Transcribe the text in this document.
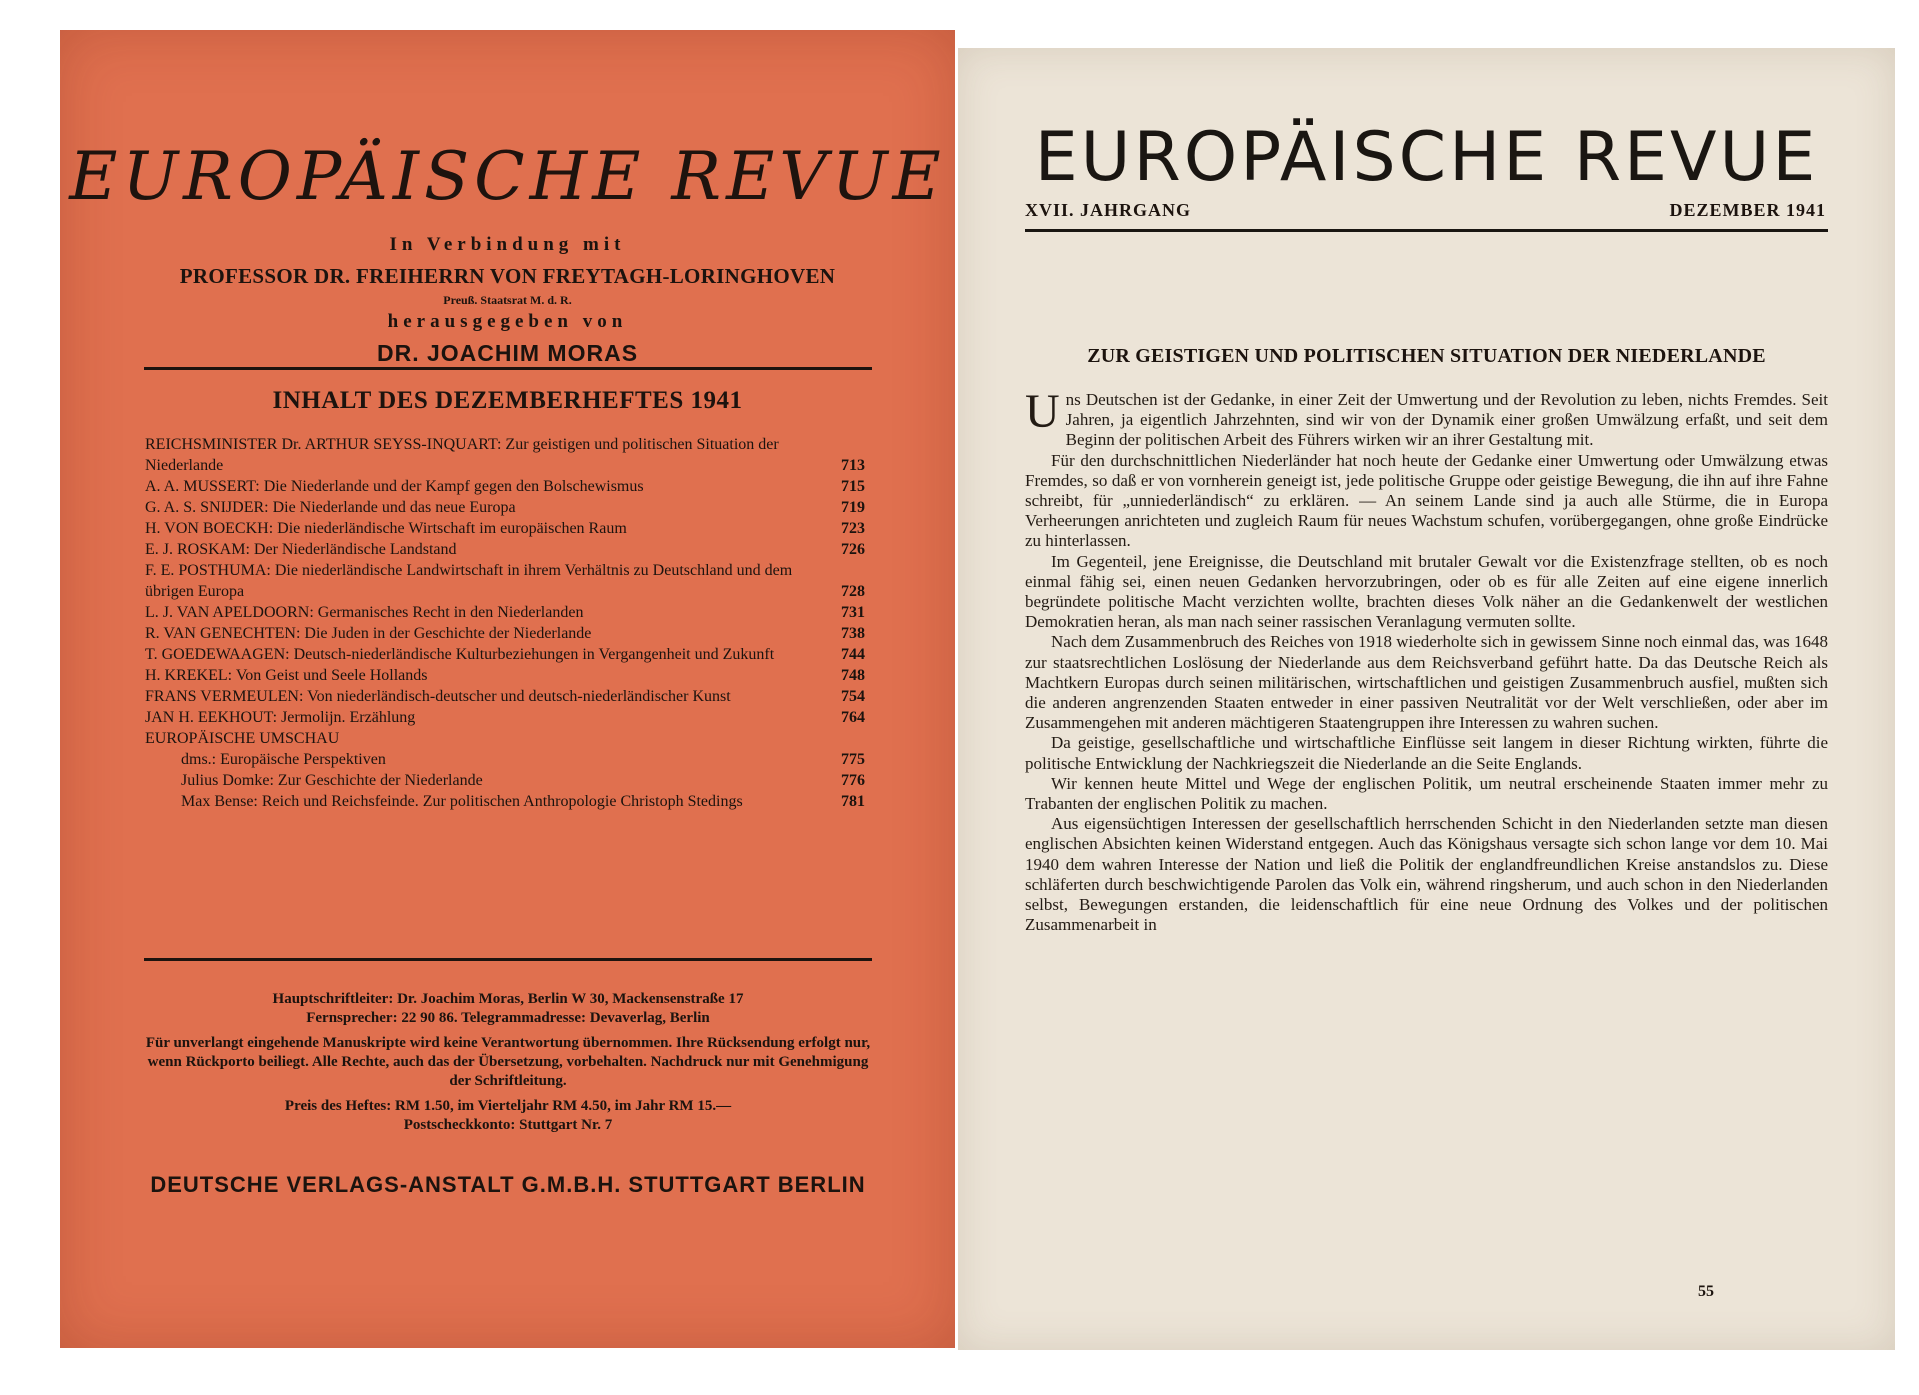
EUROPÄISCHE REVUE
In Verbindung mit
PROFESSOR DR. FREIHERRN VON FREYTAGH-LORINGHOVEN
Preuß. Staatsrat M. d. R.
herausgegeben von
DR. JOACHIM MORAS
INHALT DES DEZEMBERHEFTES 1941
REICHSMINISTER Dr. ARTHUR SEYSS-INQUART: Zur geistigen und politischen Situation der Niederlande	713
A. A. MUSSERT: Die Niederlande und der Kampf gegen den Bolschewismus	715
G. A. S. SNIJDER: Die Niederlande und das neue Europa	719
H. VON BOECKH: Die niederländische Wirtschaft im europäischen Raum	723
E. J. ROSKAM: Der Niederländische Landstand	726
F. E. POSTHUMA: Die niederländische Landwirtschaft in ihrem Verhältnis zu Deutschland und dem übrigen Europa	728
L. J. VAN APELDOORN: Germanisches Recht in den Niederlanden	731
R. VAN GENECHTEN: Die Juden in der Geschichte der Niederlande	738
T. GOEDEWAAGEN: Deutsch-niederländische Kulturbeziehungen in Vergangenheit und Zukunft	744
H. KREKEL: Von Geist und Seele Hollands	748
FRANS VERMEULEN: Von niederländisch-deutscher und deutsch-niederländischer Kunst	754
JAN H. EEKHOUT: Jermolijn. Erzählung	764
EUROPÄISCHE UMSCHAU
dms.: Europäische Perspektiven	775
Julius Domke: Zur Geschichte der Niederlande	776
Max Bense: Reich und Reichsfeinde. Zur politischen Anthropologie Christoph Stedings	781
Hauptschriftleiter: Dr. Joachim Moras, Berlin W 30, Mackensenstraße 17
Fernsprecher: 22 90 86. Telegrammadresse: Devaverlag, Berlin
Für unverlangt eingehende Manuskripte wird keine Verantwortung übernommen. Ihre Rücksendung erfolgt nur, wenn Rückporto beiliegt. Alle Rechte, auch das der Übersetzung, vorbehalten. Nachdruck nur mit Genehmigung der Schriftleitung.
Preis des Heftes: RM 1.50, im Vierteljahr RM 4.50, im Jahr RM 15.—
Postscheckkonto: Stuttgart Nr. 7
DEUTSCHE VERLAGS-ANSTALT G.M.B.H. STUTTGART BERLIN
EUROPÄISCHE REVUE
XVII. JAHRGANG	DEZEMBER 1941
ZUR GEISTIGEN UND POLITISCHEN SITUATION DER NIEDERLANDE

Uns Deutschen ist der Gedanke, in einer Zeit der Umwertung und der Revolution zu leben, nichts Fremdes. Seit Jahren, ja eigentlich Jahrzehnten, sind wir von der Dynamik einer großen Umwälzung erfaßt, und seit dem Beginn der politischen Arbeit des Führers wirken wir an ihrer Gestaltung mit.

Für den durchschnittlichen Niederländer hat noch heute der Gedanke einer Umwertung oder Umwälzung etwas Fremdes, so daß er von vornherein geneigt ist, jede politische Gruppe oder geistige Bewegung, die ihn auf ihre Fahne schreibt, für „unniederländisch“ zu erklären. — An seinem Lande sind ja auch alle Stürme, die in Europa Verheerungen anrichteten und zugleich Raum für neues Wachstum schufen, vorübergegangen, ohne große Eindrücke zu hinterlassen.

Im Gegenteil, jene Ereignisse, die Deutschland mit brutaler Gewalt vor die Existenzfrage stellten, ob es noch einmal fähig sei, einen neuen Gedanken hervorzubringen, oder ob es für alle Zeiten auf eine eigene innerlich begründete politische Macht verzichten wollte, brachten dieses Volk näher an die Gedankenwelt der westlichen Demokratien heran, als man nach seiner rassischen Veranlagung vermuten sollte.

Nach dem Zusammenbruch des Reiches von 1918 wiederholte sich in gewissem Sinne noch einmal das, was 1648 zur staatsrechtlichen Loslösung der Niederlande aus dem Reichsverband geführt hatte. Da das Deutsche Reich als Machtkern Europas durch seinen militärischen, wirtschaftlichen und geistigen Zusammenbruch ausfiel, mußten sich die anderen angrenzenden Staaten entweder in einer passiven Neutralität vor der Welt verschließen, oder aber im Zusammengehen mit anderen mächtigeren Staatengruppen ihre Interessen zu wahren suchen.

Da geistige, gesellschaftliche und wirtschaftliche Einflüsse seit langem in dieser Richtung wirkten, führte die politische Entwicklung der Nachkriegszeit die Niederlande an die Seite Englands.

Wir kennen heute Mittel und Wege der englischen Politik, um neutral erscheinende Staaten immer mehr zu Trabanten der englischen Politik zu machen.

Aus eigensüchtigen Interessen der gesellschaftlich herrschenden Schicht in den Niederlanden setzte man diesen englischen Absichten keinen Widerstand entgegen. Auch das Königshaus versagte sich schon lange vor dem 10. Mai 1940 dem wahren Interesse der Nation und ließ die Politik der englandfreundlichen Kreise anstandslos zu. Diese schläferten durch beschwichtigende Parolen das Volk ein, während ringsherum, und auch schon in den Niederlanden selbst, Bewegungen erstanden, die leidenschaftlich für eine neue Ordnung des Volkes und der politischen Zusammenarbeit in

55
